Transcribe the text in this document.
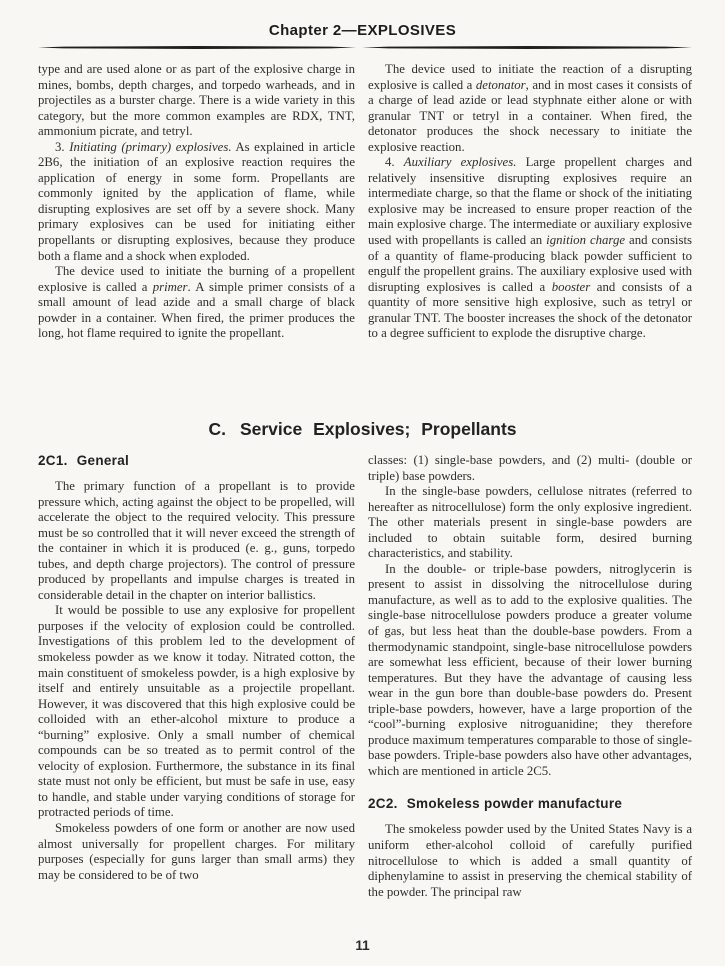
Chapter 2—EXPLOSIVES

type and are used alone or as part of the explosive charge in mines, bombs, depth charges, and torpedo warheads, and in projectiles as a burster charge. There is a wide variety in this category, but the more common examples are RDX, TNT, ammonium picrate, and tetryl.

3. Initiating (primary) explosives. As explained in article 2B6, the initiation of an explosive reaction requires the application of energy in some form. Propellants are commonly ignited by the application of flame, while disrupting explosives are set off by a severe shock. Many primary explosives can be used for initiating either propellants or disrupting explosives, because they produce both a flame and a shock when exploded.

The device used to initiate the burning of a propellent explosive is called a primer. A simple primer consists of a small amount of lead azide and a small charge of black powder in a container. When fired, the primer produces the long, hot flame required to ignite the propellant.

The device used to initiate the reaction of a disrupting explosive is called a detonator, and in most cases it consists of a charge of lead azide or lead styphnate either alone or with granular TNT or tetryl in a container. When fired, the detonator produces the shock necessary to initiate the explosive reaction.

4. Auxiliary explosives. Large propellent charges and relatively insensitive disrupting explosives require an intermediate charge, so that the flame or shock of the initiating explosive may be increased to ensure proper reaction of the main explosive charge. The intermediate or auxiliary explosive used with propellants is called an ignition charge and consists of a quantity of flame-producing black powder sufficient to engulf the propellent grains. The auxiliary explosive used with disrupting explosives is called a booster and consists of a quantity of more sensitive high explosive, such as tetryl or granular TNT. The booster increases the shock of the detonator to a degree sufficient to explode the disruptive charge.

C. Service Explosives; Propellants
2C1. General

The primary function of a propellant is to provide pressure which, acting against the object to be propelled, will accelerate the object to the required velocity. This pressure must be so controlled that it will never exceed the strength of the container in which it is produced (e. g., guns, torpedo tubes, and depth charge projectors). The control of pressure produced by propellants and impulse charges is treated in considerable detail in the chapter on interior ballistics.

It would be possible to use any explosive for propellent purposes if the velocity of explosion could be controlled. Investigations of this problem led to the development of smokeless powder as we know it today. Nitrated cotton, the main constituent of smokeless powder, is a high explosive by itself and entirely unsuitable as a projectile propellant. However, it was discovered that this high explosive could be colloided with an ether-alcohol mixture to produce a “burning” explosive. Only a small number of chemical compounds can be so treated as to permit control of the velocity of explosion. Furthermore, the substance in its final state must not only be efficient, but must be safe in use, easy to handle, and stable under varying conditions of storage for protracted periods of time.

Smokeless powders of one form or another are now used almost universally for propellent charges. For military purposes (especially for guns larger than small arms) they may be considered to be of two

classes: (1) single-base powders, and (2) multi- (double or triple) base powders.

In the single-base powders, cellulose nitrates (referred to hereafter as nitrocellulose) form the only explosive ingredient. The other materials present in single-base powders are included to obtain suitable form, desired burning characteristics, and stability.

In the double- or triple-base powders, nitroglycerin is present to assist in dissolving the nitrocellulose during manufacture, as well as to add to the explosive qualities. The single-base nitrocellulose powders produce a greater volume of gas, but less heat than the double-base powders. From a thermodynamic standpoint, single-base nitrocellulose powders are somewhat less efficient, because of their lower burning temperatures. But they have the advantage of causing less wear in the gun bore than double-base powders do. Present triple-base powders, however, have a large proportion of the “cool”-burning explosive nitroguanidine; they therefore produce maximum temperatures comparable to those of single-base powders. Triple-base powders also have other advantages, which are mentioned in article 2C5.

2C2. Smokeless powder manufacture

The smokeless powder used by the United States Navy is a uniform ether-alcohol colloid of carefully purified nitrocellulose to which is added a small quantity of diphenylamine to assist in preserving the chemical stability of the powder. The principal raw

11
